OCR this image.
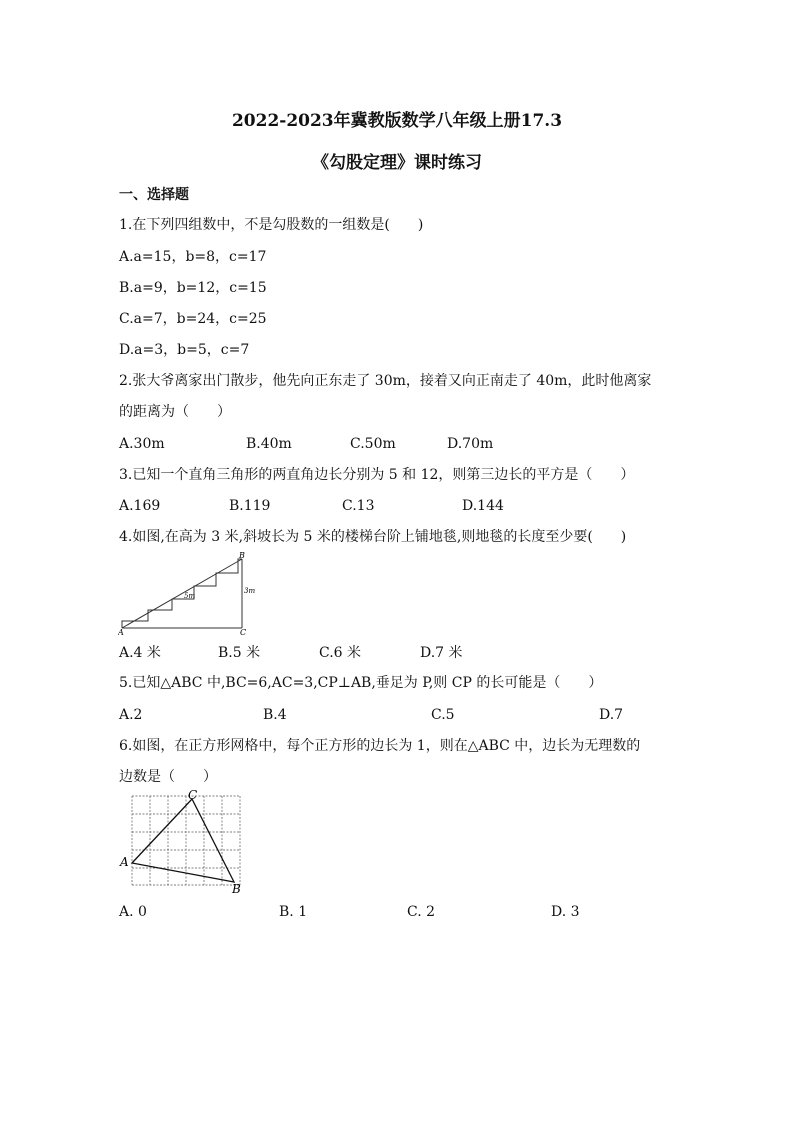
2022-2023年冀教版数学八年级上册17.3
《勾股定理》课时练习
一、选择题
1.在下列四组数中，不是勾股数的一组数是(　　)
A.a=15，b=8，c=17
B.a=9，b=12，c=15
C.a=7，b=24，c=25
D.a=3，b=5，c=7
2.张大爷离家出门散步，他先向正东走了 30m，接着又向正南走了 40m，此时他离家
的距离为（　　）
A.30m	B.40m	C.50m	D.70m
3.已知一个直角三角形的两直角边长分别为 5 和 12，则第三边长的平方是（　　）
A.169	B.119	C.13	D.144
4.如图,在高为 3 米,斜坡长为 5 米的楼梯台阶上铺地毯,则地毯的长度至少要(　　)
A
B
C
5m
3m
A.4 米	B.5 米	C.6 米	D.7 米
5.已知△ABC 中,BC=6,AC=3,CP⊥AB,垂足为 P,则 CP 的长可能是（　　）
A.2	B.4	C.5	D.7
6.如图，在正方形网格中，每个正方形的边长为 1，则在△ABC 中，边长为无理数的
边数是（　　）
A
B
C
A. 0	B. 1	C. 2	D. 3
